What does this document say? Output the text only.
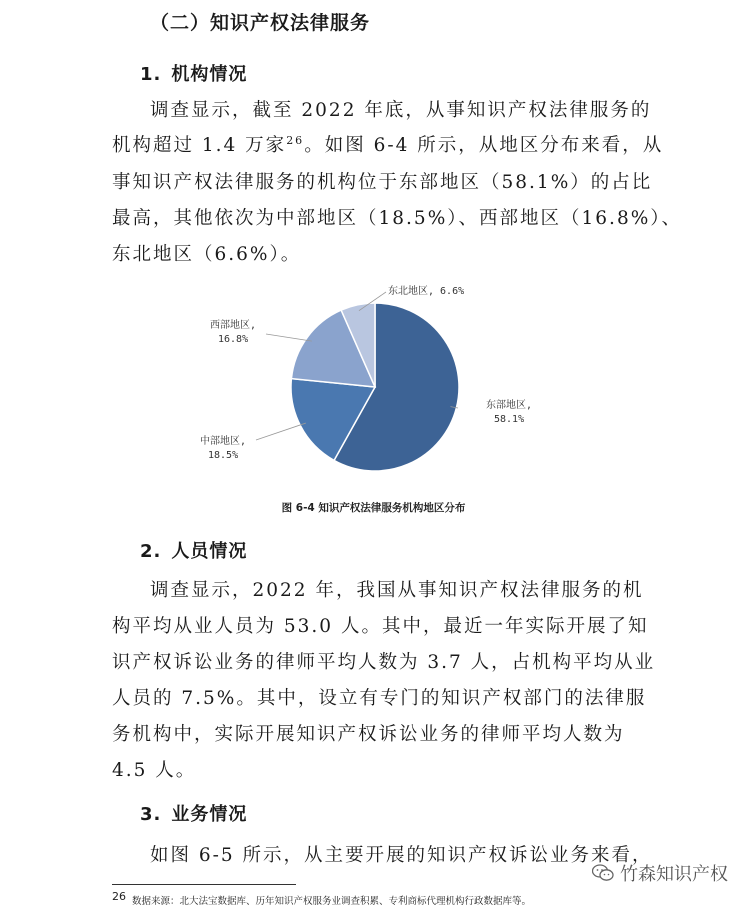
（二）知识产权法律服务
1. 机构情况
调查显示，截至 2022 年底，从事知识产权法律服务的
机构超过 1.4 万家$^{26}$。如图 6-4 所示，从地区分布来看，从
事知识产权法律服务的机构位于东部地区（58.1%）的占比
最高，其他依次为中部地区（18.5%）、西部地区（16.8%）、
东北地区（6.6%）。
东部地区, 58.1%
中部地区, 18.5%
西部地区, 16.8%
东北地区, 6.6%
图 6-4 知识产权法律服务机构地区分布
2. 人员情况
调查显示，2022 年，我国从事知识产权法律服务的机
构平均从业人员为 53.0 人。其中，最近一年实际开展了知
识产权诉讼业务的律师平均人数为 3.7 人，占机构平均从业
人员的 7.5%。其中，设立有专门的知识产权部门的法律服
务机构中，实际开展知识产权诉讼业务的律师平均人数为
4.5 人。
3. 业务情况
如图 6-5 所示，从主要开展的知识产权诉讼业务来看，
$^{26}$ 数据来源：北大法宝数据库、历年知识产权服务业调查积累、专利商标代理机构行政数据库等。
竹森知识产权
